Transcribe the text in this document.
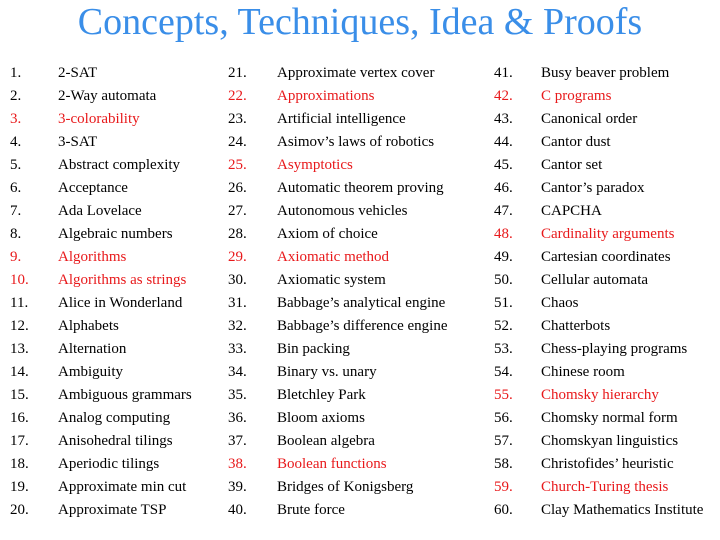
Concepts, Techniques, Idea & Proofs
1. 2-SAT
2. 2-Way automata
3. 3-colorability
4. 3-SAT
5. Abstract complexity
6. Acceptance
7. Ada Lovelace
8. Algebraic numbers
9. Algorithms
10. Algorithms as strings
11. Alice in Wonderland
12. Alphabets
13. Alternation
14. Ambiguity
15. Ambiguous grammars
16. Analog computing
17. Anisohedral tilings
18. Aperiodic tilings
19. Approximate min cut
20. Approximate TSP
21. Approximate vertex cover
22. Approximations
23. Artificial intelligence
24. Asimov’s laws of robotics
25. Asymptotics
26. Automatic theorem proving
27. Autonomous vehicles
28. Axiom of choice
29. Axiomatic method
30. Axiomatic system
31. Babbage’s analytical engine
32. Babbage’s difference engine
33. Bin packing
34. Binary vs. unary
35. Bletchley Park
36. Bloom axioms
37. Boolean algebra
38. Boolean functions
39. Bridges of Konigsberg
40. Brute force
41. Busy beaver problem
42. C programs
43. Canonical order
44. Cantor dust
45. Cantor set
46. Cantor’s paradox
47. CAPCHA
48. Cardinality arguments
49. Cartesian coordinates
50. Cellular automata
51. Chaos
52. Chatterbots
53. Chess-playing programs
54. Chinese room
55. Chomsky hierarchy
56. Chomsky normal form
57. Chomskyan linguistics
58. Christofides’ heuristic
59. Church-Turing thesis
60. Clay Mathematics Institute
